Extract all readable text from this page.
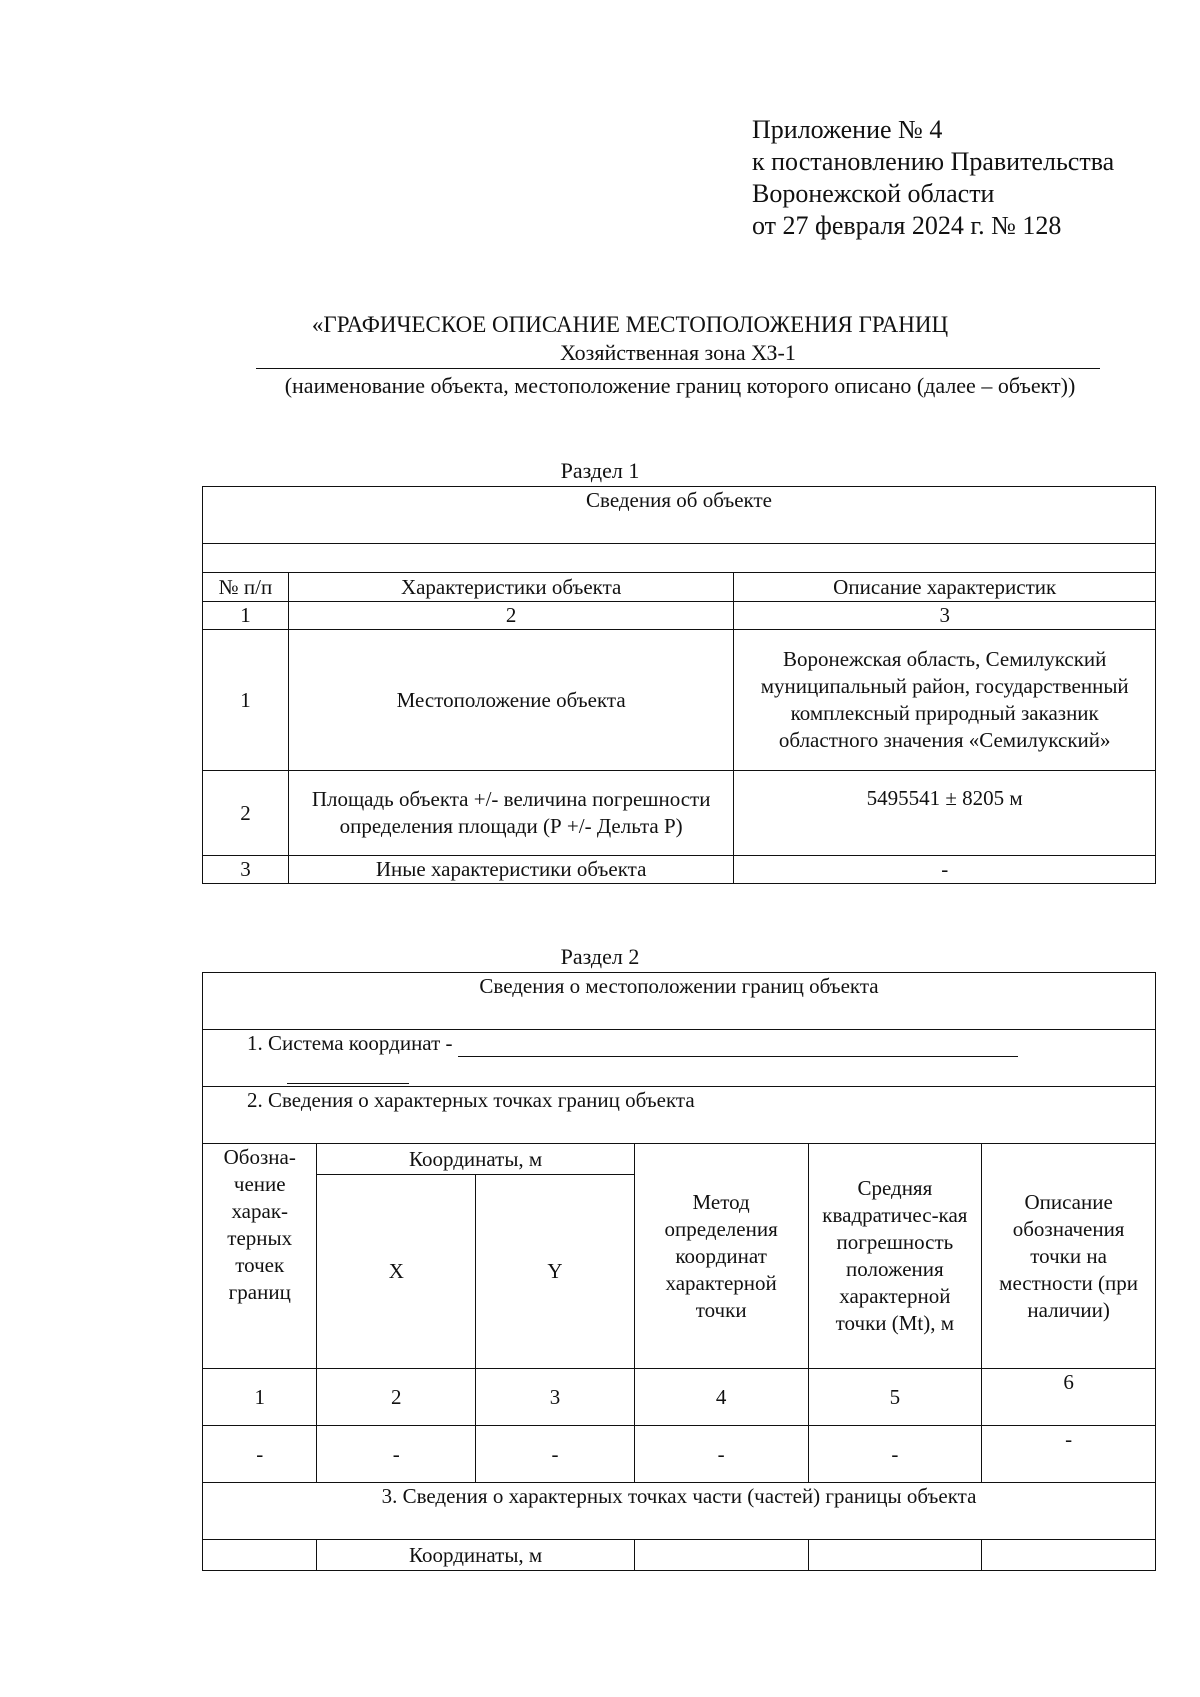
Приложение № 4
к постановлению Правительства
Воронежской области
от 27 февраля 2024 г. № 128
«ГРАФИЧЕСКОЕ ОПИСАНИЕ МЕСТОПОЛОЖЕНИЯ ГРАНИЦ
Хозяйственная зона ХЗ-1
(наименование объекта, местоположение границ которого описано (далее – объект))
Раздел 1
Сведения об объекте		

№ п/п	Характеристики объекта	Описание характеристик
1	2	3
1	Местоположение объекта	Воронежская область, Семилукский муниципальный район, государственный комплексный природный заказник областного значения «Семилукский»
2	Площадь объекта +/- величина погрешности определения площади (Р +/- Дельта Р)	5495541 ± 8205 м
3	Иные характеристики объекта	-
Раздел 2
Сведения о местоположении границ объекта					
1. Система координат -					

2. Сведения о характерных точках границ объекта					
Обозна-чение харак-терных точек границ	Координаты, м		Метод определения координат характерной точки	Средняя квадратичес-кая погрешность положения характерной точки (Mt), м	Описание обозначения точки на местности (при наличии)
	X	Y			
1	2	3	4	5	6
-	-	-	-	-	-
3. Сведения о характерных точках части (частей) границы объекта					
	Координаты, м				
